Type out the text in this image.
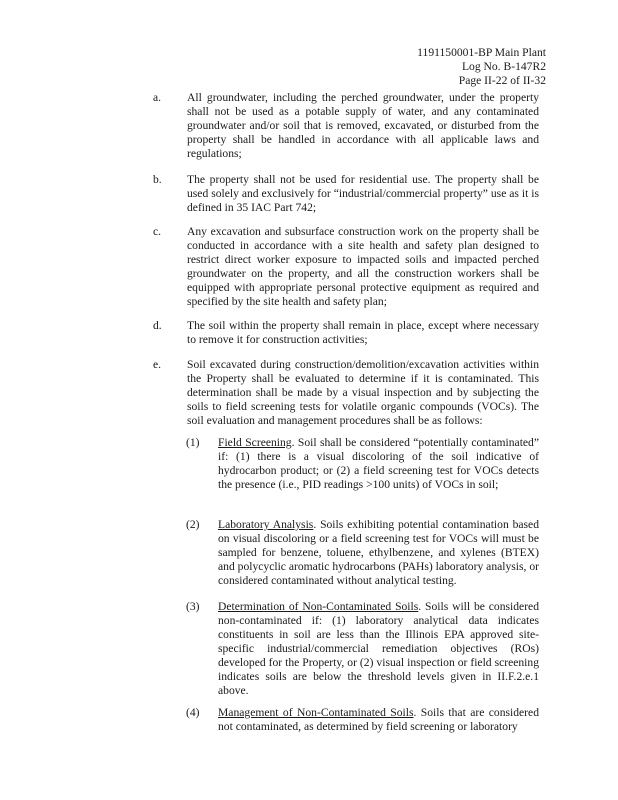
1191150001-BP Main Plant
Log No. B-147R2
Page II-22 of II-32
a. All groundwater, including the perched groundwater, under the property shall not be used as a potable supply of water, and any contaminated groundwater and/or soil that is removed, excavated, or disturbed from the property shall be handled in accordance with all applicable laws and regulations;
b. The property shall not be used for residential use. The property shall be used solely and exclusively for “industrial/commercial property” use as it is defined in 35 IAC Part 742;
c. Any excavation and subsurface construction work on the property shall be conducted in accordance with a site health and safety plan designed to restrict direct worker exposure to impacted soils and impacted perched groundwater on the property, and all the construction workers shall be equipped with appropriate personal protective equipment as required and specified by the site health and safety plan;
d. The soil within the property shall remain in place, except where necessary to remove it for construction activities;
e. Soil excavated during construction/demolition/excavation activities within the Property shall be evaluated to determine if it is contaminated. This determination shall be made by a visual inspection and by subjecting the soils to field screening tests for volatile organic compounds (VOCs). The soil evaluation and management procedures shall be as follows:
(1) Field Screening. Soil shall be considered “potentially contaminated” if: (1) there is a visual discoloring of the soil indicative of hydrocarbon product; or (2) a field screening test for VOCs detects the presence (i.e., PID readings >100 units) of VOCs in soil;
(2) Laboratory Analysis. Soils exhibiting potential contamination based on visual discoloring or a field screening test for VOCs will must be sampled for benzene, toluene, ethylbenzene, and xylenes (BTEX) and polycyclic aromatic hydrocarbons (PAHs) laboratory analysis, or considered contaminated without analytical testing.
(3) Determination of Non-Contaminated Soils. Soils will be considered non-contaminated if: (1) laboratory analytical data indicates constituents in soil are less than the Illinois EPA approved site-specific industrial/commercial remediation objectives (ROs) developed for the Property, or (2) visual inspection or field screening indicates soils are below the threshold levels given in II.F.2.e.1 above.
(4) Management of Non-Contaminated Soils. Soils that are considered not contaminated, as determined by field screening or laboratory
